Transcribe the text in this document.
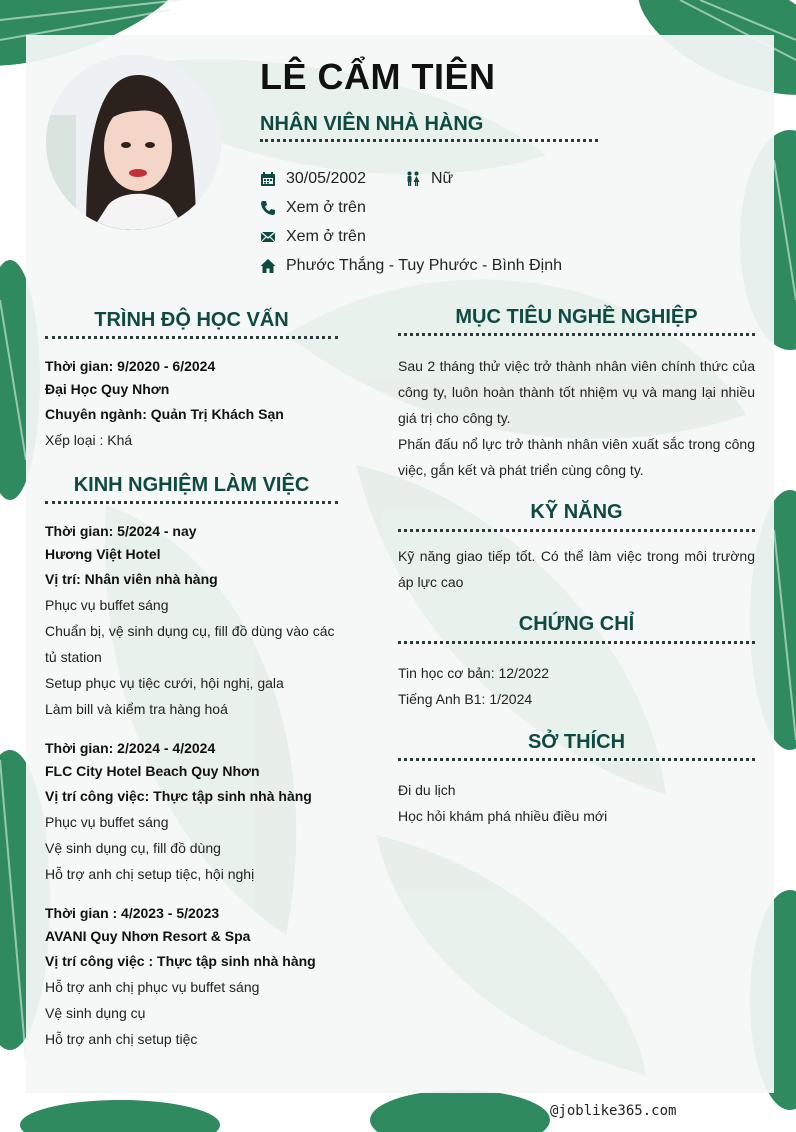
LÊ CẨM TIÊN
NHÂN VIÊN NHÀ HÀNG
30/05/2002	Nữ
Xem ở trên
Xem ở trên
Phước Thắng - Tuy Phước - Bình Định
TRÌNH ĐỘ HỌC VẤN
Thời gian: 9/2020 - 6/2024
Đại Học Quy Nhơn
Chuyên ngành: Quản Trị Khách Sạn
Xếp loại : Khá
KINH NGHIỆM LÀM VIỆC
Thời gian: 5/2024 - nay
Hương Việt Hotel
Vị trí: Nhân viên nhà hàng
Phục vụ buffet sáng
Chuẩn bị, vệ sinh dụng cụ, fill đồ dùng vào các
tủ station
Setup phục vụ tiệc cưới, hội nghị, gala
Làm bill và kiểm tra hàng hoá
Thời gian: 2/2024 - 4/2024
FLC City Hotel Beach Quy Nhơn
Vị trí công việc: Thực tập sinh nhà hàng
Phục vụ buffet sáng
Vệ sinh dụng cụ, fill đồ dùng
Hỗ trợ anh chị setup tiệc, hội nghị
Thời gian : 4/2023 - 5/2023
AVANI Quy Nhơn Resort & Spa
Vị trí công việc : Thực tập sinh nhà hàng
Hỗ trợ anh chị phục vụ buffet sáng
Vệ sinh dụng cụ
Hỗ trợ anh chị setup tiệc
MỤC TIÊU NGHỀ NGHIỆP

Sau 2 tháng thử việc trở thành nhân viên chính thức của công ty, luôn hoàn thành tốt nhiệm vụ và mang lại nhiều giá trị cho công ty.

Phấn đấu nổ lực trở thành nhân viên xuất sắc trong công việc, gắn kết và phát triển cùng công ty.

KỸ NĂNG

Kỹ năng giao tiếp tốt. Có thể làm việc trong môi trường áp lực cao

CHỨNG CHỈ
Tin học cơ bản: 12/2022
Tiếng Anh B1: 1/2024
SỞ THÍCH
Đi du lịch
Học hỏi khám phá nhiều điều mới
@joblike365.com
